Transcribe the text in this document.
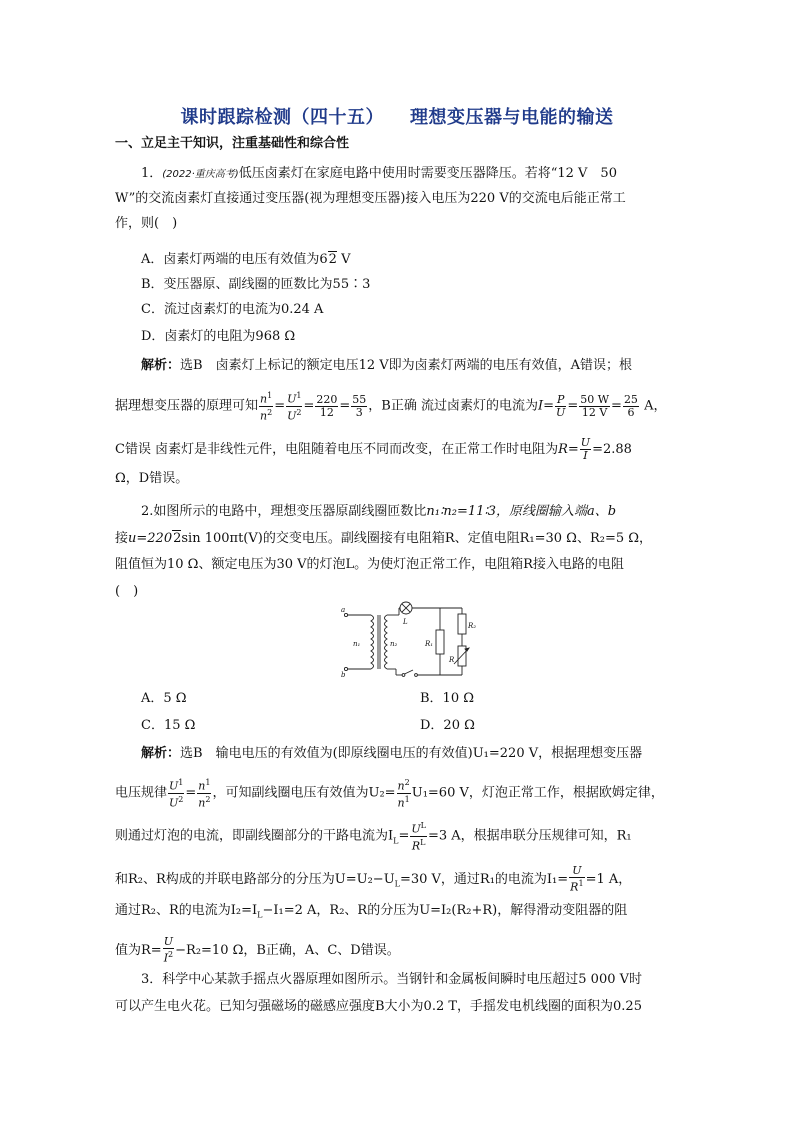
课时跟踪检测（四十五） 理想变压器与电能的输送
一、立足主干知识，注重基础性和综合性
1．(2022·重庆高考)低压卤素灯在家庭电路中使用时需要变压器降压。若将“12 V　50
W”的交流卤素灯直接通过变压器(视为理想变压器)接入电压为220 V的交流电后能正常工
作，则(　)
A．卤素灯两端的电压有效值为62 V
B．变压器原、副线圈的匝数比为55∶3
C．流过卤素灯的电流为0.24 A
D．卤素灯的电阻为968 Ω
解析：选B　卤素灯上标记的额定电压12 V即为卤素灯两端的电压有效值，A错误；根
据理想变压器的原理可知 $\frac{n^1}{n^2} = \frac{U^1}{U^2} = \frac{220}{12} = \frac{55}{3}$ ，B正确 流过卤素灯的电流为$I= \frac{P}{U} = \frac{50 W}{12 V} = \frac{25}{6}$ A，
C错误 卤素灯是非线性元件，电阻随着电压不同而改变，在正常工作时电阻为$R= \frac{U}{I} =2.88$
Ω，D错误。
2.如图所示的电路中，理想变压器原副线圈匝数比n₁∶n₂=11∶3，原线圈输入端a、b
接u=2202sin 100πt(V)的交变电压。副线圈接有电阻箱R、定值电阻R₁=30 Ω、R₂=5 Ω，
阻值恒为10 Ω、额定电压为30 V的灯泡L。为使灯泡正常工作，电阻箱R接入电路的电阻
(　)
a
b
n₁	n₂
L
R₁
R₂
R
A．5 Ω	B．10 Ω
C．15 Ω	D．20 Ω
解析：选B　输电电压的有效值为(即原线圈电压的有效值)U₁=220 V，根据理想变压器
电压规律 $\frac{U^1}{U^2} = \frac{n^1}{n^2}$ ，可知副线圈电压有效值为$U_2= \frac{n^2}{n^1} U_1=60$ V，灯泡正常工作，根据欧姆定律，
则通过灯泡的电流，即副线圈部分的干路电流为$I_L= \frac{U^L}{R^L} =3$ A，根据串联分压规律可知，R₁
和R₂、R构成的并联电路部分的分压为$U=U_2-U_L=30$ V，通过R₁的电流为$I_1= \frac{U}{R^1} =1$ A，
通过R₂、R的电流为$I_2=I_L-I_1=2$ A，R₂、R的分压为U=I₂(R₂+R)，解得滑动变阻器的阻
值为$R= \frac{U}{I^2} -R_2=10$ Ω，B正确，A、C、D错误。
3．科学中心某款手摇点火器原理如图所示。当钢针和金属板间瞬时电压超过5 000 V时
可以产生电火花。已知匀强磁场的磁感应强度B大小为0.2 T，手摇发电机线圈的面积为0.25
